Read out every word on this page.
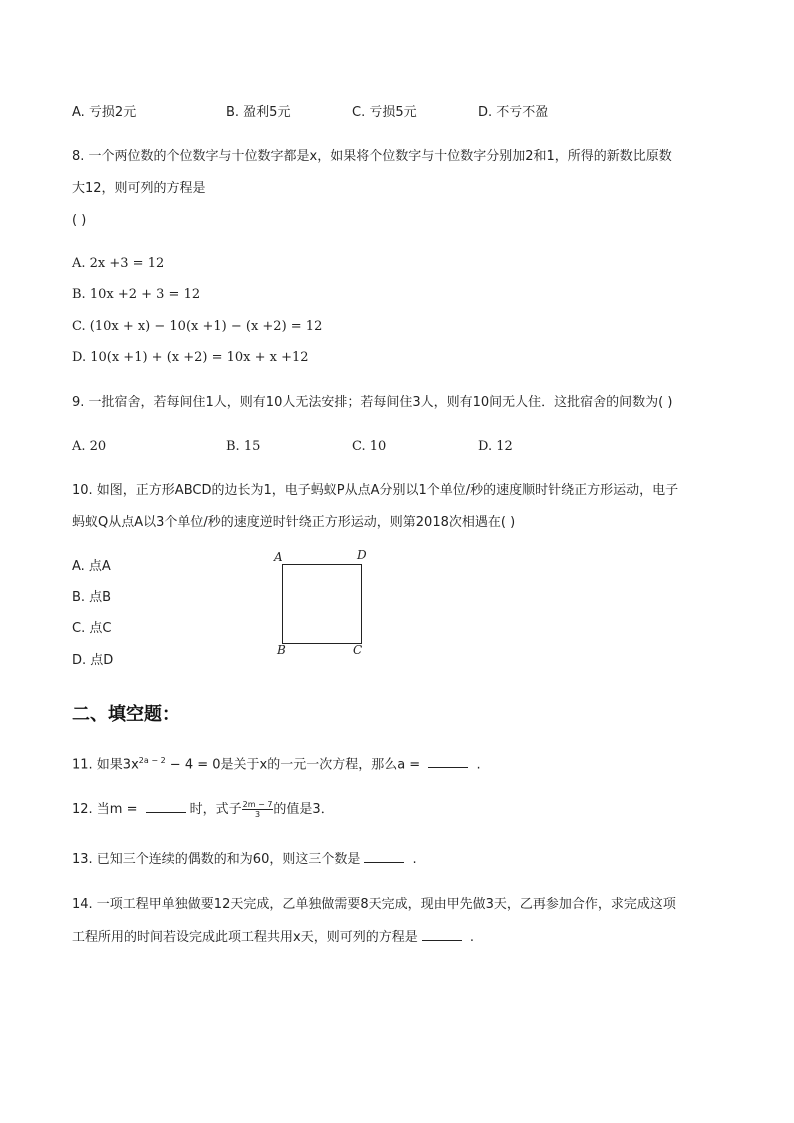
A. 亏损2元	B. 盈利5元	C. 亏损5元	D. 不亏不盈
8. 一个两位数的个位数字与十位数字都是x，如果将个位数字与十位数字分别加2和1，所得的新数比原数
大12，则可列的方程是
( )
A. 2x +3 = 12
B. 10x +2 + 3 = 12
C. (10x + x) − 10(x +1) − (x +2) = 12
D. 10(x +1) + (x +2) = 10x + x +12
9. 一批宿舍，若每间住1人，则有10人无法安排；若每间住3人，则有10间无人住．这批宿舍的间数为( )
A. 20	B. 15	C. 10	D. 12
10. 如图，正方形ABCD的边长为1，电子蚂蚁P从点A分别以1个单位/秒的速度顺时针绕正方形运动，电子
蚂蚁Q从点A以3个单位/秒的速度逆时针绕正方形运动，则第2018次相遇在( )
A. 点A
B. 点B
C. 点C
D. 点D
A	D
B	C
二、填空题：
11. 如果$3x^{2a - 2} - 4 = 0$是关于x的一元一次方程，那么a =	.
12. 当m =	时，式子 $\frac{2m - 7}{3}$ 的值是3．
13. 已知三个连续的偶数的和为60，则这三个数是	.
14. 一项工程甲单独做要12天完成，乙单独做需要8天完成，现由甲先做3天，乙再参加合作，求完成这项
工程所用的时间若设完成此项工程共用x天，则可列的方程是	.
